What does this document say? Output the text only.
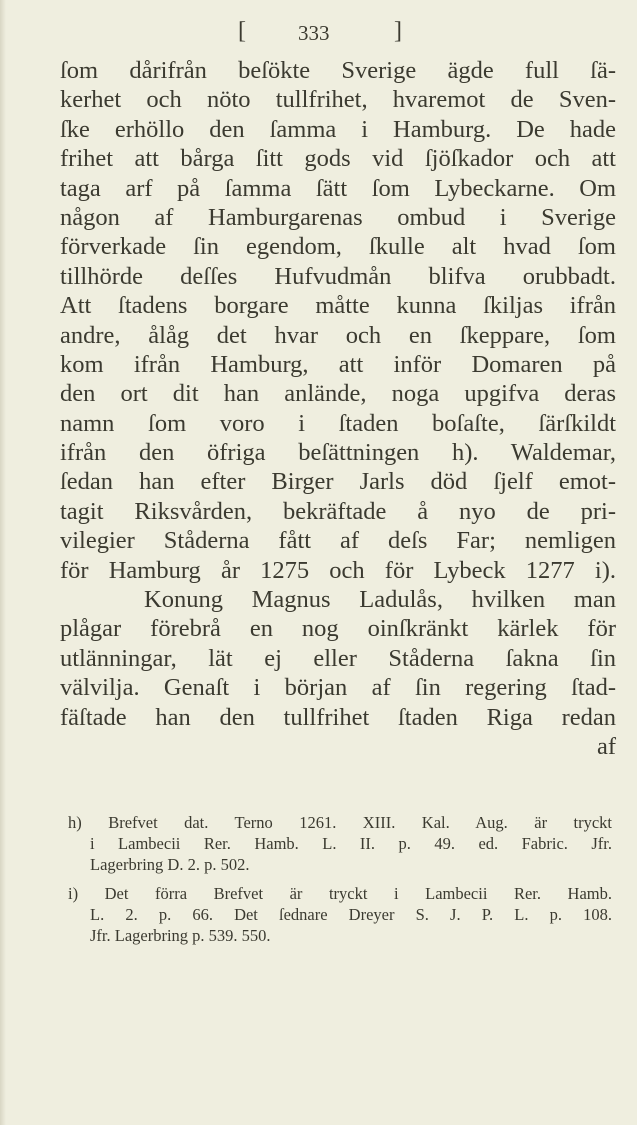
[ 333	]
ſom dårifrån beſökte Sverige ägde full ſä-
kerhet och nöto tullfrihet, hvaremot de Sven-
ſke erhöllo den ſamma i Hamburg. De hade
frihet att bårga ſitt gods vid ſjöſkador och att
taga arf på ſamma ſätt ſom Lybeckarne. Om
någon af Hamburgarenas ombud i Sverige
förverkade ſin egendom, ſkulle alt hvad ſom
tillhörde deſſes Hufvudmån blifva orubbadt.
Att ſtadens borgare måtte kunna ſkiljas ifrån
andre, ålåg det hvar och en ſkeppare, ſom
kom ifrån Hamburg, att inför Domaren på
den ort dit han anlände, noga upgifva deras
namn ſom voro i ſtaden boſaſte, ſärſkildt
ifrån den öfriga beſättningen h). Waldemar,
ſedan han efter Birger Jarls död ſjelf emot-
tagit Riksvården, bekräftade å nyo de pri-
vilegier Ståderna fått af deſs Far; nemligen
för Hamburg år 1275 och för Lybeck 1277 i).
Konung Magnus Ladulås, hvilken man
plågar förebrå en nog oinſkränkt kärlek för
utlänningar, lät ej eller Ståderna ſakna ſin
välvilja. Genaſt i början af ſin regering ſtad-
fäſtade han den tullfrihet ſtaden Riga redan
af
h) Brefvet dat. Terno 1261. XIII. Kal. Aug. är tryckt
i Lambecii Rer. Hamb. L. II. p. 49. ed. Fabric. Jfr.
Lagerbring D. 2. p. 502.
i) Det förra Brefvet är tryckt i Lambecii Rer. Hamb.
L. 2. p. 66. Det ſednare Dreyer S. J. P. L. p. 108.
Jfr. Lagerbring p. 539. 550.
